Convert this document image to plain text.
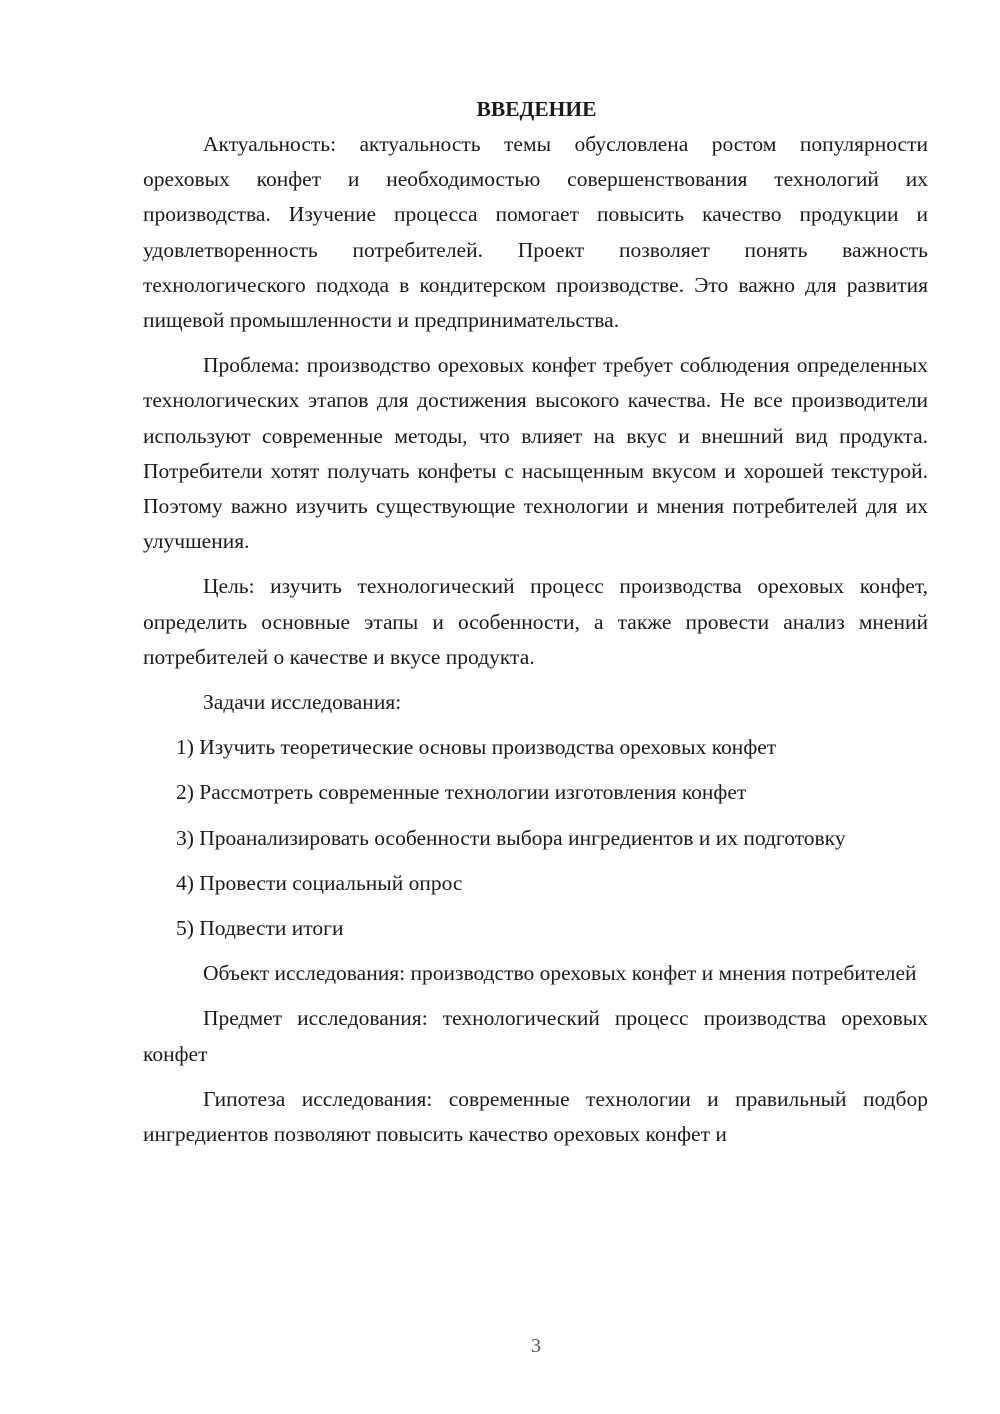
ВВЕДЕНИЕ

Актуальность: актуальность темы обусловлена ростом популярности ореховых конфет и необходимостью совершенствования технологий их производства. Изучение процесса помогает повысить качество продукции и удовлетворенность потребителей. Проект позволяет понять важность технологического подхода в кондитерском производстве. Это важно для развития пищевой промышленности и предпринимательства.

Проблема: производство ореховых конфет требует соблюдения определенных технологических этапов для достижения высокого качества. Не все производители используют современные методы, что влияет на вкус и внешний вид продукта. Потребители хотят получать конфеты с насыщенным вкусом и хорошей текстурой. Поэтому важно изучить существующие технологии и мнения потребителей для их улучшения.

Цель: изучить технологический процесс производства ореховых конфет, определить основные этапы и особенности, а также провести анализ мнений потребителей о качестве и вкусе продукта.

Задачи исследования:

1) Изучить теоретические основы производства ореховых конфет

2) Рассмотреть современные технологии изготовления конфет

3) Проанализировать особенности выбора ингредиентов и их подготовку

4) Провести социальный опрос

5) Подвести итоги

Объект исследования: производство ореховых конфет и мнения потребителей

Предмет исследования: технологический процесс производства ореховых конфет

Гипотеза исследования: современные технологии и правильный подбор ингредиентов позволяют повысить качество ореховых конфет и

3
